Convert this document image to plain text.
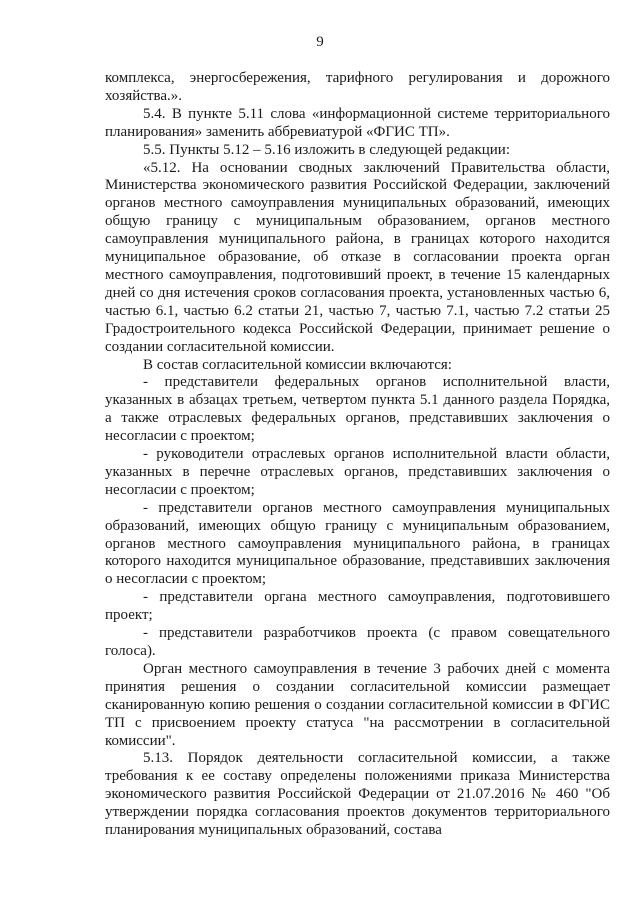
9

комплекса, энергосбережения, тарифного регулирования и дорожного хозяйства.».

5.4. В пункте 5.11 слова «информационной системе территориального планирования» заменить аббревиатурой «ФГИС ТП».

5.5. Пункты 5.12 – 5.16 изложить в следующей редакции:

«5.12. На основании сводных заключений Правительства области, Министерства экономического развития Российской Федерации, заключений органов местного самоуправления муниципальных образований, имеющих общую границу с муниципальным образованием, органов местного самоуправления муниципального района, в границах которого находится муниципальное образование, об отказе в согласовании проекта орган местного самоуправления, подготовивший проект, в течение 15 календарных дней со дня истечения сроков согласования проекта, установленных частью 6, частью 6.1, частью 6.2 статьи 21, частью 7, частью 7.1, частью 7.2 статьи 25 Градостроительного кодекса Российской Федерации, принимает решение о создании согласительной комиссии.

В состав согласительной комиссии включаются:

- представители федеральных органов исполнительной власти, указанных в абзацах третьем, четвертом пункта 5.1 данного раздела Порядка, а также отраслевых федеральных органов, представивших заключения о несогласии с проектом;

- руководители отраслевых органов исполнительной власти области, указанных в перечне отраслевых органов, представивших заключения о несогласии с проектом;

- представители органов местного самоуправления муниципальных образований, имеющих общую границу с муниципальным образованием, органов местного самоуправления муниципального района, в границах которого находится муниципальное образование, представивших заключения о несогласии с проектом;

- представители органа местного самоуправления, подготовившего проект;

- представители разработчиков проекта (с правом совещательного голоса).

Орган местного самоуправления в течение 3 рабочих дней с момента принятия решения о создании согласительной комиссии размещает сканированную копию решения о создании согласительной комиссии в ФГИС ТП с присвоением проекту статуса "на рассмотрении в согласительной комиссии".

5.13. Порядок деятельности согласительной комиссии, а также требования к ее составу определены положениями приказа Министерства экономического развития Российской Федерации от 21.07.2016 № 460 "Об утверждении порядка согласования проектов документов территориального планирования муниципальных образований, состава
